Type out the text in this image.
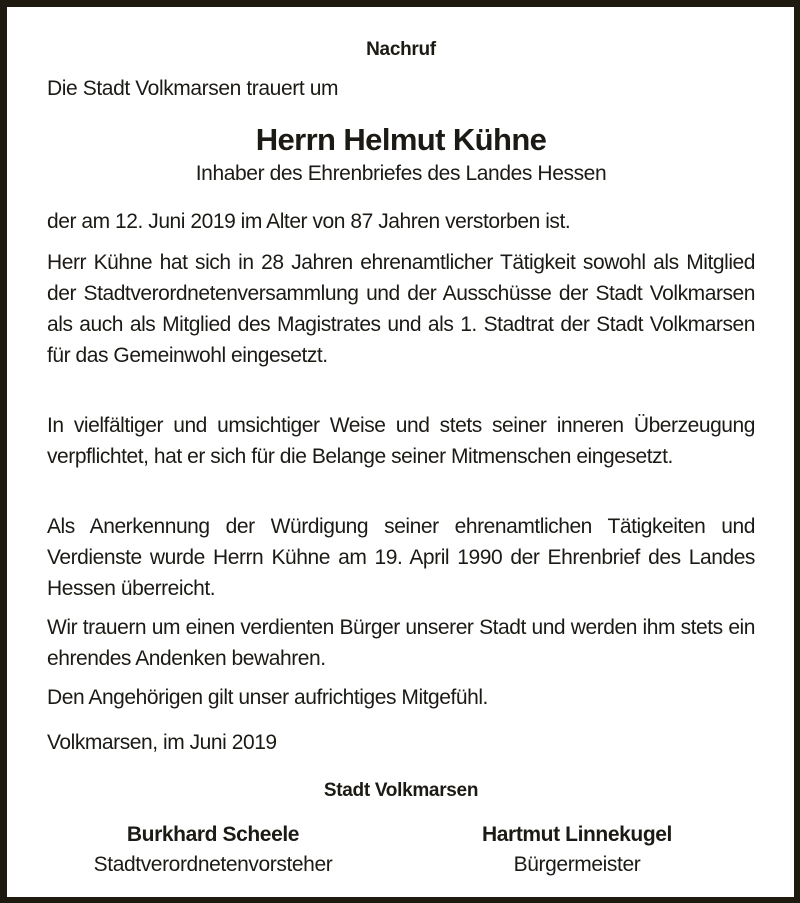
Nachruf
Die Stadt Volkmarsen trauert um
Herrn Helmut Kühne
Inhaber des Ehrenbriefes des Landes Hessen

der am 12. Juni 2019 im Alter von 87 Jahren verstorben ist.

Herr Kühne hat sich in 28 Jahren ehrenamtlicher Tätigkeit sowohl als Mitglied der Stadtverordnetenversammlung und der Ausschüsse der Stadt Volkmarsen als auch als Mitglied des Magistrates und als 1. Stadtrat der Stadt Volkmarsen für das Gemeinwohl eingesetzt.

In vielfältiger und umsichtiger Weise und stets seiner inneren Überzeugung verpflichtet, hat er sich für die Belange seiner Mitmenschen eingesetzt.

Als Anerkennung der Würdigung seiner ehrenamtlichen Tätigkeiten und Verdienste wurde Herrn Kühne am 19. April 1990 der Ehrenbrief des Landes Hessen überreicht.

Wir trauern um einen verdienten Bürger unserer Stadt und werden ihm stets ein ehrendes Andenken bewahren.

Den Angehörigen gilt unser aufrichtiges Mitgefühl.

Volkmarsen, im Juni 2019
Stadt Volkmarsen
Burkhard Scheele
Stadtverordnetenvorsteher
Hartmut Linnekugel
Bürgermeister
